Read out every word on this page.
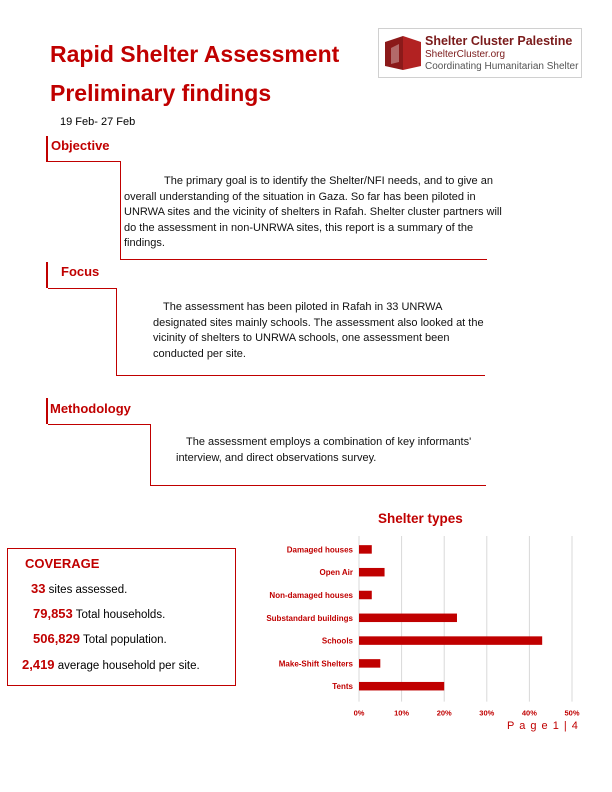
Rapid Shelter Assessment
Preliminary findings
19 Feb- 27 Feb
Shelter Cluster Palestine
ShelterCluster.org
Coordinating Humanitarian Shelter
Objective
The primary goal is to identify the Shelter/NFI needs, and to give an overall understanding of the situation in Gaza. So far has been piloted in UNRWA sites and the vicinity of shelters in Rafah. Shelter cluster partners will do the assessment in non-UNRWA sites, this report is a summary of the findings.
Focus
The assessment has been piloted in Rafah in 33 UNRWA designated sites mainly schools. The assessment also looked at the vicinity of shelters to UNRWA schools, one assessment been conducted per site.
Methodology
The assessment employs a combination of key informants' interview, and direct observations survey.
COVERAGE
33 sites assessed.
79,853 Total households.
506,829 Total population.
2,419 average household per site.
Shelter types
0%	10%	20%	30%	40%	50%
Damaged houses
Open Air
Non-damaged houses
Substandard buildings
Schools
Make-Shift Shelters
Tents
P a g e 1 | 4
